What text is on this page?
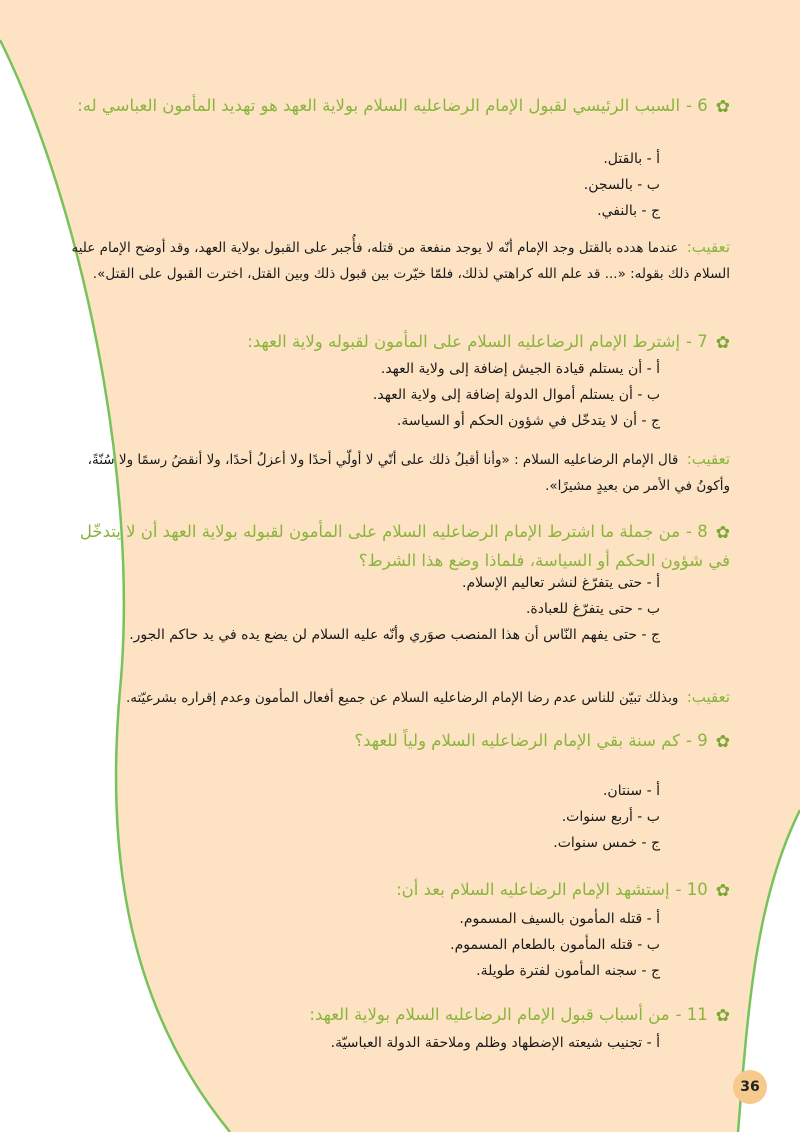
✿6 -السبب الرئيسي لقبول الإمام الرضاعليه السلام بولاية العهد هو تهديد المأمون العباسي له:
أ - بالقتل.
ب - بالسجن.
ج - بالنفي.
تعقيب: عندما هدده بالقتل وجد الإمام أنّه لا يوجد منفعة من قتله، فأُجبر على القبول بولاية العهد، وقد أوضح الإمام عليه السلام ذلك بقوله: «... قد علم الله كراهتي لذلك، فلمّا خيّرت بين قبول ذلك وبين القتل، اخترت القبول على القتل».
✿7 -إشترط الإمام الرضاعليه السلام على المأمون لقبوله ولاية العهد:
أ - أن يستلم قيادة الجيش إضافة إلى ولاية العهد.
ب - أن يستلم أموال الدولة إضافة إلى ولاية العهد.
ج - أن لا يتدخّل في شؤون الحكم أو السياسة.
تعقيب: قال الإمام الرضاعليه السلام : «وأنا أقبلُ ذلك على أنّي لا أولّي أحدًا ولا أعزلُ أحدًا، ولا أنقضُ رسمًا ولا سُنّةً، وأكونُ في الأمر من بعيدٍ مشيرًا».
✿8 -من جملة ما اشترط الإمام الرضاعليه السلام على المأمون لقبوله بولاية العهد أن لا يتدخّل في شؤون الحكم أو السياسة، فلماذا وضع هذا الشرط؟
أ - حتى يتفرّغ لنشر تعاليم الإسلام.
ب - حتى يتفرّغ للعبادة.
ج - حتى يفهم النّاس أن هذا المنصب صوَري وأنّه عليه السلام لن يضع يده في يد حاكم الجور.
تعقيب: وبذلك تبيّن للناس عدم رضا الإمام الرضاعليه السلام عن جميع أفعال المأمون وعدم إقراره بشرعيّته.
✿9 -كم سنة بقي الإمام الرضاعليه السلام ولياً للعهد؟
أ - سنتان.
ب - أربع سنوات.
ج - خمس سنوات.
✿10 -إستشهد الإمام الرضاعليه السلام بعد أن:
أ - قتله المأمون بالسيف المسموم.
ب - قتله المأمون بالطعام المسموم.
ج - سجنه المأمون لفترة طويلة.
✿11 -من أسباب قبول الإمام الرضاعليه السلام بولاية العهد:
أ - تجنيب شيعته الإضطهاد وظلم وملاحقة الدولة العباسيّة.
36
